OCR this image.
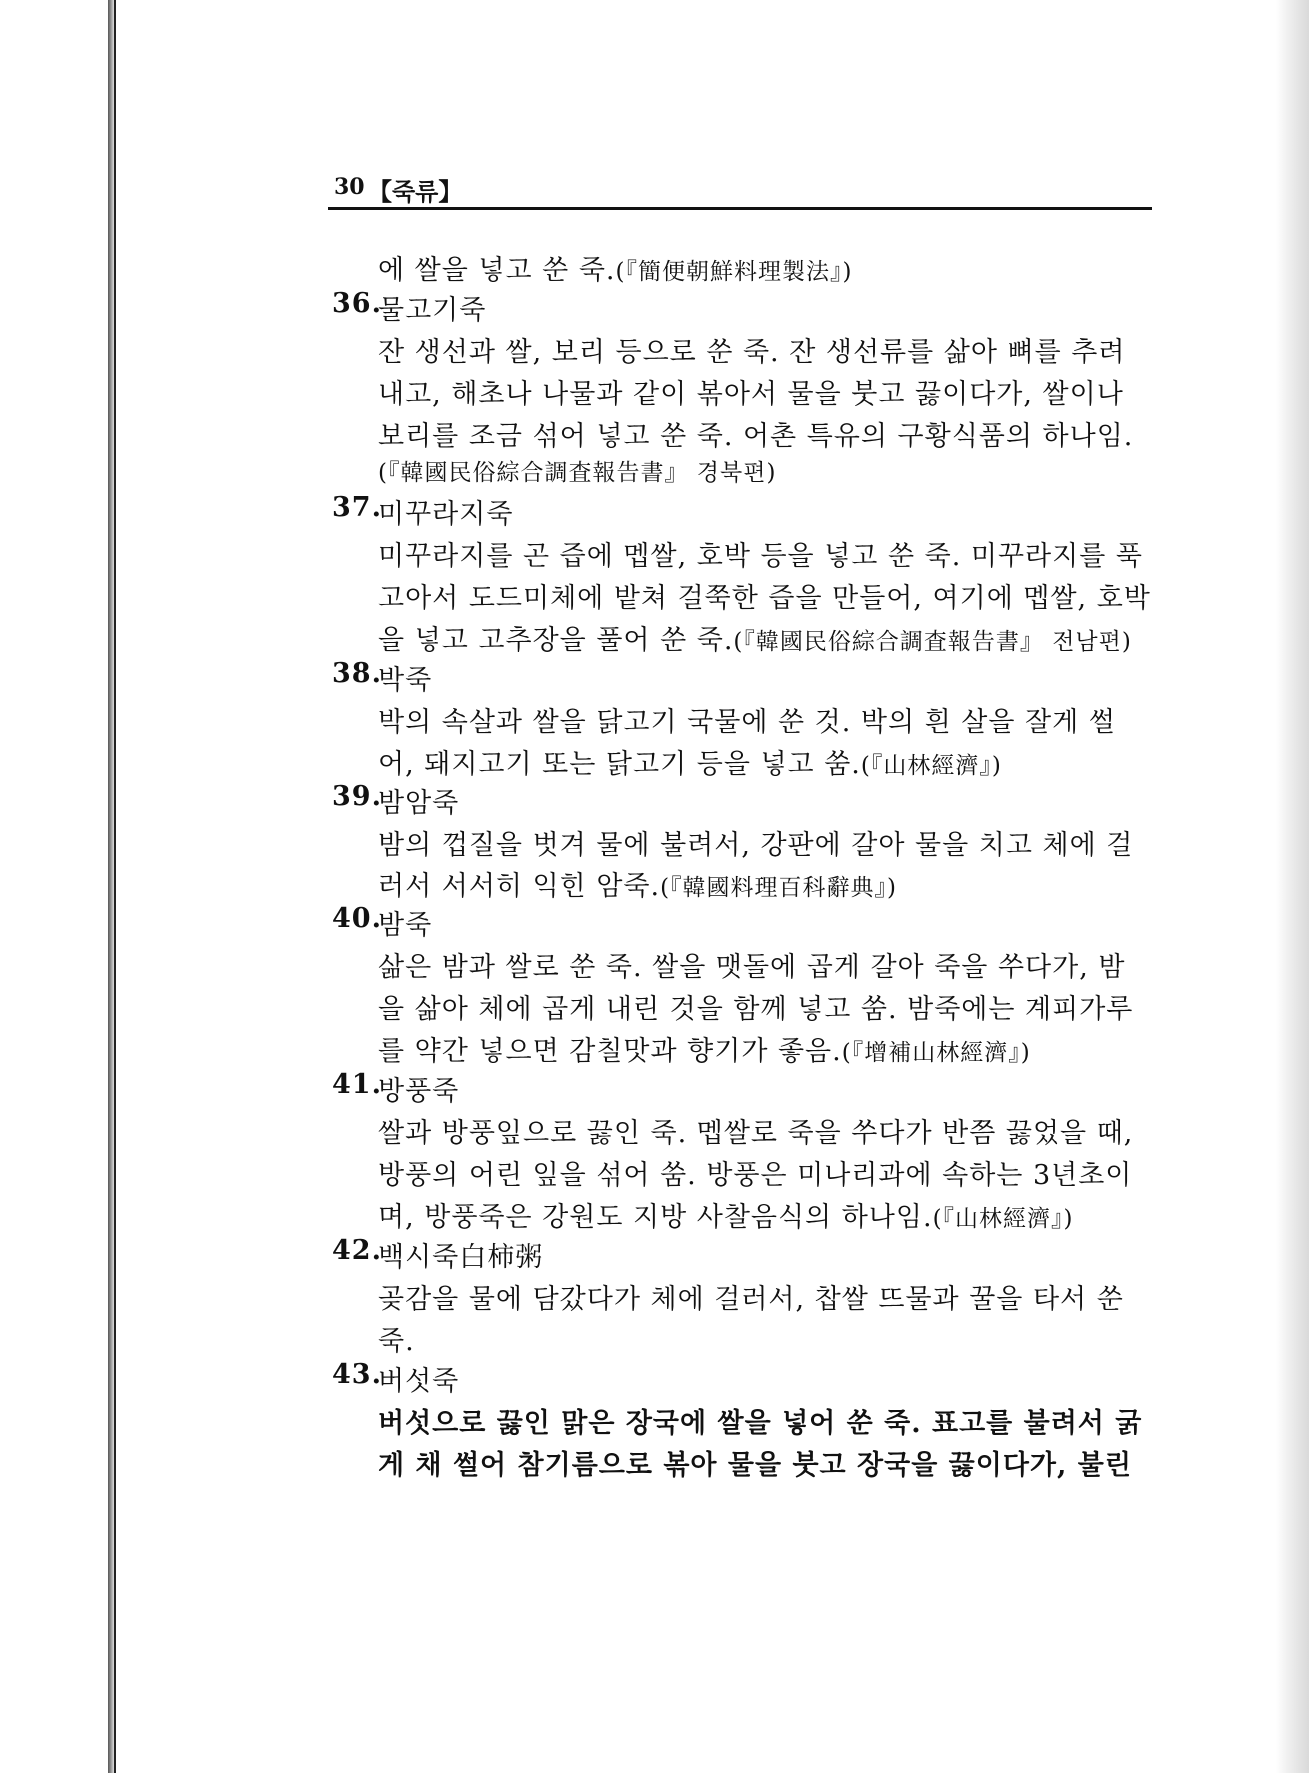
30 【죽류】
에 쌀을 넣고 쑨 죽.(『簡便朝鮮料理製法』)
36.
물고기죽
잔 생선과 쌀, 보리 등으로 쑨 죽. 잔 생선류를 삶아 뼈를 추려
내고, 해초나 나물과 같이 볶아서 물을 붓고 끓이다가, 쌀이나
보리를 조금 섞어 넣고 쑨 죽. 어촌 특유의 구황식품의 하나임.
(『韓國民俗綜合調査報告書』 경북편)
37.
미꾸라지죽
미꾸라지를 곤 즙에 멥쌀, 호박 등을 넣고 쑨 죽. 미꾸라지를 푹
고아서 도드미체에 밭쳐 걸쭉한 즙을 만들어, 여기에 멥쌀, 호박
을 넣고 고추장을 풀어 쑨 죽.(『韓國民俗綜合調査報告書』 전남편)
38.
박죽
박의 속살과 쌀을 닭고기 국물에 쑨 것. 박의 흰 살을 잘게 썰
어, 돼지고기 또는 닭고기 등을 넣고 쑴.(『山林經濟』)
39.
밤암죽
밤의 껍질을 벗겨 물에 불려서, 강판에 갈아 물을 치고 체에 걸
러서 서서히 익힌 암죽.(『韓國料理百科辭典』)
40.
밤죽
삶은 밤과 쌀로 쑨 죽. 쌀을 맷돌에 곱게 갈아 죽을 쑤다가, 밤
을 삶아 체에 곱게 내린 것을 함께 넣고 쑴. 밤죽에는 계피가루
를 약간 넣으면 감칠맛과 향기가 좋음.(『增補山林經濟』)
41.
방풍죽
쌀과 방풍잎으로 끓인 죽. 멥쌀로 죽을 쑤다가 반쯤 끓었을 때,
방풍의 어린 잎을 섞어 쑴. 방풍은 미나리과에 속하는 3년초이
며, 방풍죽은 강원도 지방 사찰음식의 하나임.(『山林經濟』)
42.
백시죽白柿粥
곶감을 물에 담갔다가 체에 걸러서, 찹쌀 뜨물과 꿀을 타서 쑨
죽.
43.
버섯죽
버섯으로 끓인 맑은 장국에 쌀을 넣어 쑨 죽. 표고를 불려서 굵
게 채 썰어 참기름으로 볶아 물을 붓고 장국을 끓이다가, 불린
